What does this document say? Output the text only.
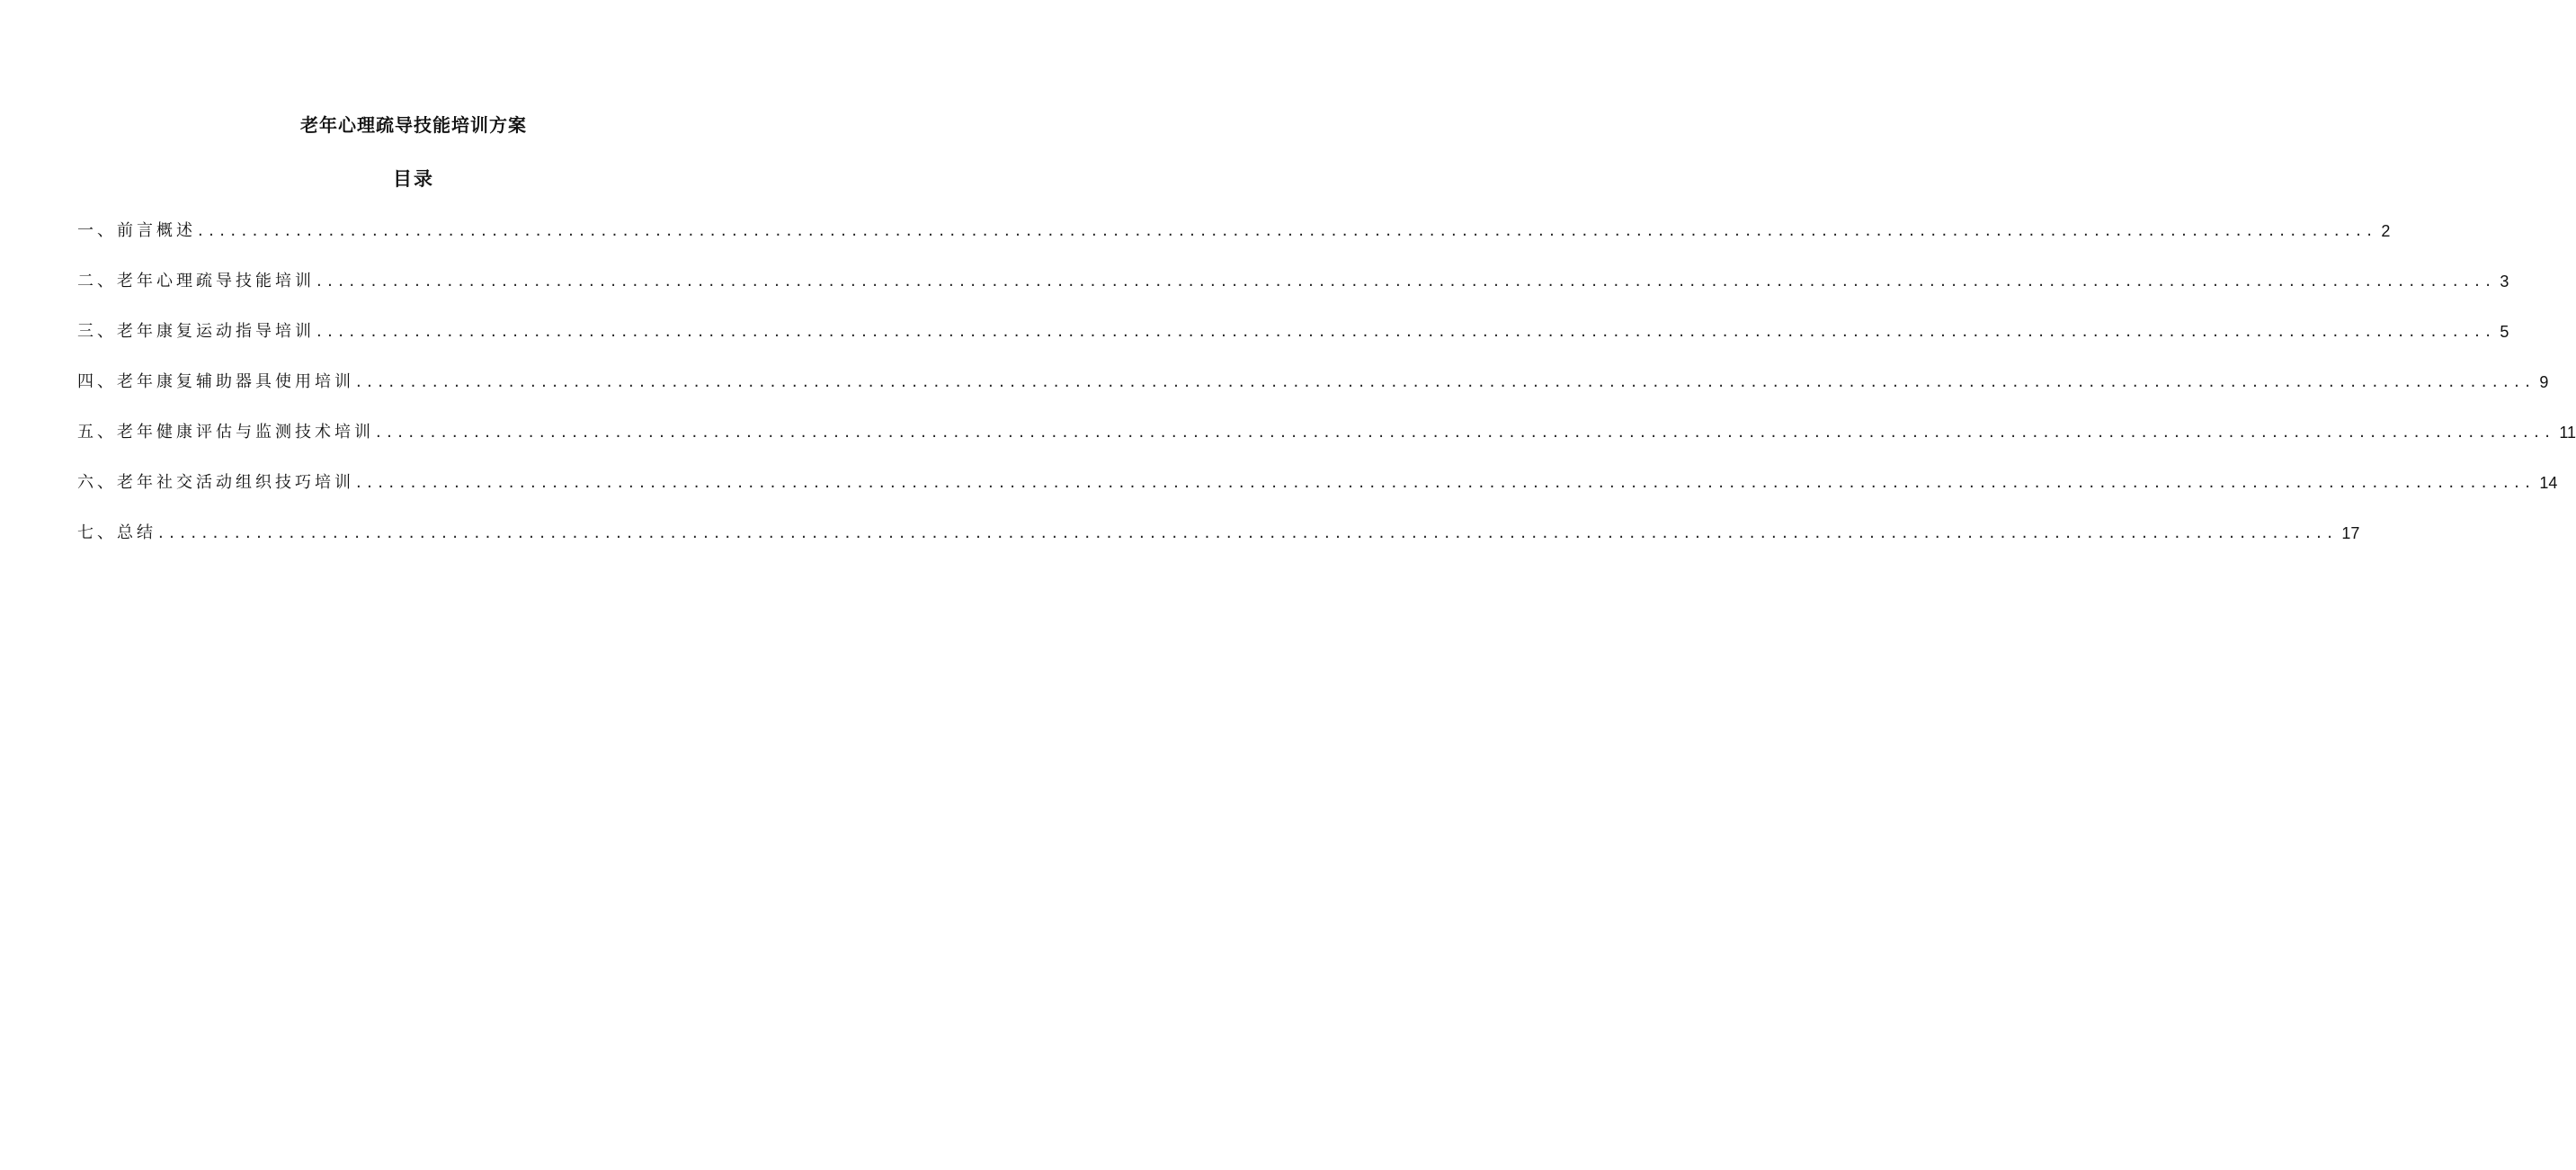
老年心理疏导技能培训方案
目录
一、前言概述 ........................................................................................................................................................................................................ 2
二、老年心理疏导技能培训 ........................................................................................................................................................................................................ 3
三、老年康复运动指导培训 ........................................................................................................................................................................................................ 5
四、老年康复辅助器具使用培训 ........................................................................................................................................................................................................ 9
五、老年健康评估与监测技术培训 ........................................................................................................................................................................................................ 11
六、老年社交活动组织技巧培训 ........................................................................................................................................................................................................ 14
七、总结 ........................................................................................................................................................................................................ 17
